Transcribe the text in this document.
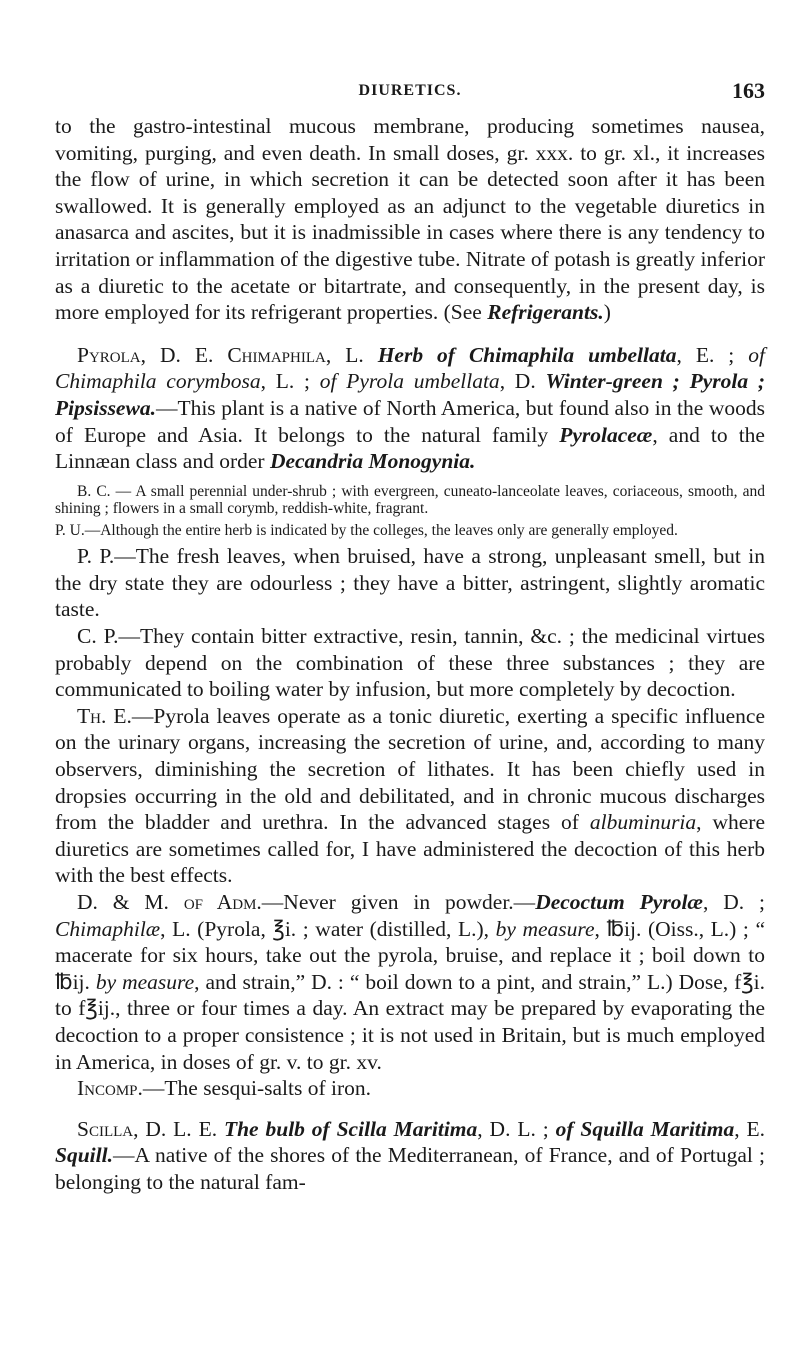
DIURETICS.	163

to the gastro-intestinal mucous membrane, producing sometimes nausea, vomiting, purging, and even death. In small doses, gr. xxx. to gr. xl., it increases the flow of urine, in which secretion it can be detected soon after it has been swallowed. It is generally employed as an adjunct to the vegetable diuretics in anasarca and ascites, but it is inadmissible in cases where there is any tendency to irritation or inflammation of the digestive tube. Nitrate of potash is greatly inferior as a diuretic to the acetate or bitartrate, and consequently, in the present day, is more employed for its refrigerant properties. (See Refrigerants.)

Pyrola, D. E. Chimaphila, L. Herb of Chimaphila umbellata, E. ; of Chimaphila corymbosa, L. ; of Pyrola umbellata, D. Winter-green ; Pyrola ; Pipsissewa.—This plant is a native of North America, but found also in the woods of Europe and Asia. It belongs to the natural family Pyrolaceæ, and to the Linnæan class and order Decandria Monogynia.

B. C. — A small perennial under-shrub ; with evergreen, cuneato-lanceolate leaves, coriaceous, smooth, and shining ; flowers in a small corymb, reddish-white, fragrant.

P. U.—Although the entire herb is indicated by the colleges, the leaves only are generally employed.

P. P.—The fresh leaves, when bruised, have a strong, unpleasant smell, but in the dry state they are odourless ; they have a bitter, astringent, slightly aromatic taste.

C. P.—They contain bitter extractive, resin, tannin, &c. ; the medicinal virtues probably depend on the combination of these three substances ; they are communicated to boiling water by infusion, but more completely by decoction.

Th. E.—Pyrola leaves operate as a tonic diuretic, exerting a specific influence on the urinary organs, increasing the secretion of urine, and, according to many observers, diminishing the secretion of lithates. It has been chiefly used in dropsies occurring in the old and debilitated, and in chronic mucous discharges from the bladder and urethra. In the advanced stages of albuminuria, where diuretics are sometimes called for, I have administered the decoction of this herb with the best effects.

D. & M. of Adm.—Never given in powder.—Decoctum Pyrolæ, D. ; Chimaphilæ, L. (Pyrola, ℥i. ; water (distilled, L.), by measure, ℔ij. (Oiss., L.) ; “ macerate for six hours, take out the pyrola, bruise, and replace it ; boil down to ℔ij. by measure, and strain,” D. : “ boil down to a pint, and strain,” L.) Dose, f℥i. to f℥ij., three or four times a day. An extract may be prepared by evaporating the decoction to a proper consistence ; it is not used in Britain, but is much employed in America, in doses of gr. v. to gr. xv.

Incomp.—The sesqui-salts of iron.

Scilla, D. L. E. The bulb of Scilla Maritima, D. L. ; of Squilla Maritima, E. Squill.—A native of the shores of the Mediterranean, of France, and of Portugal ; belonging to the natural fam-
